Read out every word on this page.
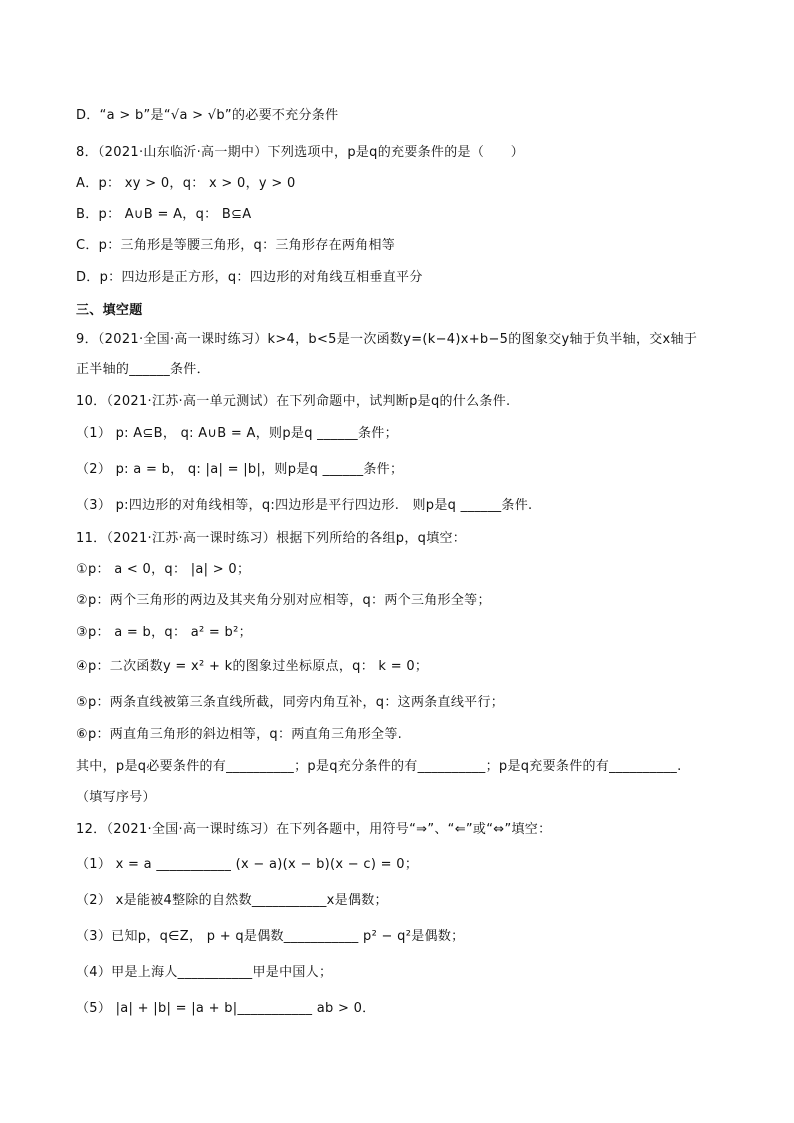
D．“a > b”是“√a > √b”的必要不充分条件
8．（2021·山东临沂·高一期中）下列选项中，p是q的充要条件的是（　　）
A．p： xy > 0，q： x > 0，y > 0
B．p： A∪B = A，q： B⊆A
C．p：三角形是等腰三角形，q：三角形存在两角相等
D．p：四边形是正方形，q：四边形的对角线互相垂直平分
三、填空题
9．（2021·全国·高一课时练习）k>4，b<5是一次函数y=(k−4)x+b−5的图象交y轴于负半轴，交x轴于
正半轴的______条件．
10．（2021·江苏·高一单元测试）在下列命题中，试判断p是q的什么条件.
（1） p: A⊆B， q: A∪B = A，则p是q ______条件；
（2） p: a = b， q: |a| = |b|，则p是q ______条件；
（3） p:四边形的对角线相等，q:四边形是平行四边形.　则p是q ______条件.
11．（2021·江苏·高一课时练习）根据下列所给的各组p，q填空：
①p： a < 0，q： |a| > 0；
②p：两个三角形的两边及其夹角分别对应相等，q：两个三角形全等；
③p： a = b，q： a² = b²；
④p：二次函数y = x² + k的图象过坐标原点，q： k = 0；
⑤p：两条直线被第三条直线所截，同旁内角互补，q：这两条直线平行；
⑥p：两直角三角形的斜边相等，q：两直角三角形全等.
其中，p是q必要条件的有__________；p是q充分条件的有__________；p是q充要条件的有__________.
（填写序号）
12．（2021·全国·高一课时练习）在下列各题中，用符号“⇒”、“⇐”或“⇔”填空：
（1） x = a ___________ (x − a)(x − b)(x − c) = 0；
（2） x是能被4整除的自然数___________x是偶数；
（3）已知p，q∈Z， p + q是偶数___________ p² − q²是偶数；
（4）甲是上海人___________甲是中国人；
（5） |a| + |b| = |a + b|___________ ab > 0．
